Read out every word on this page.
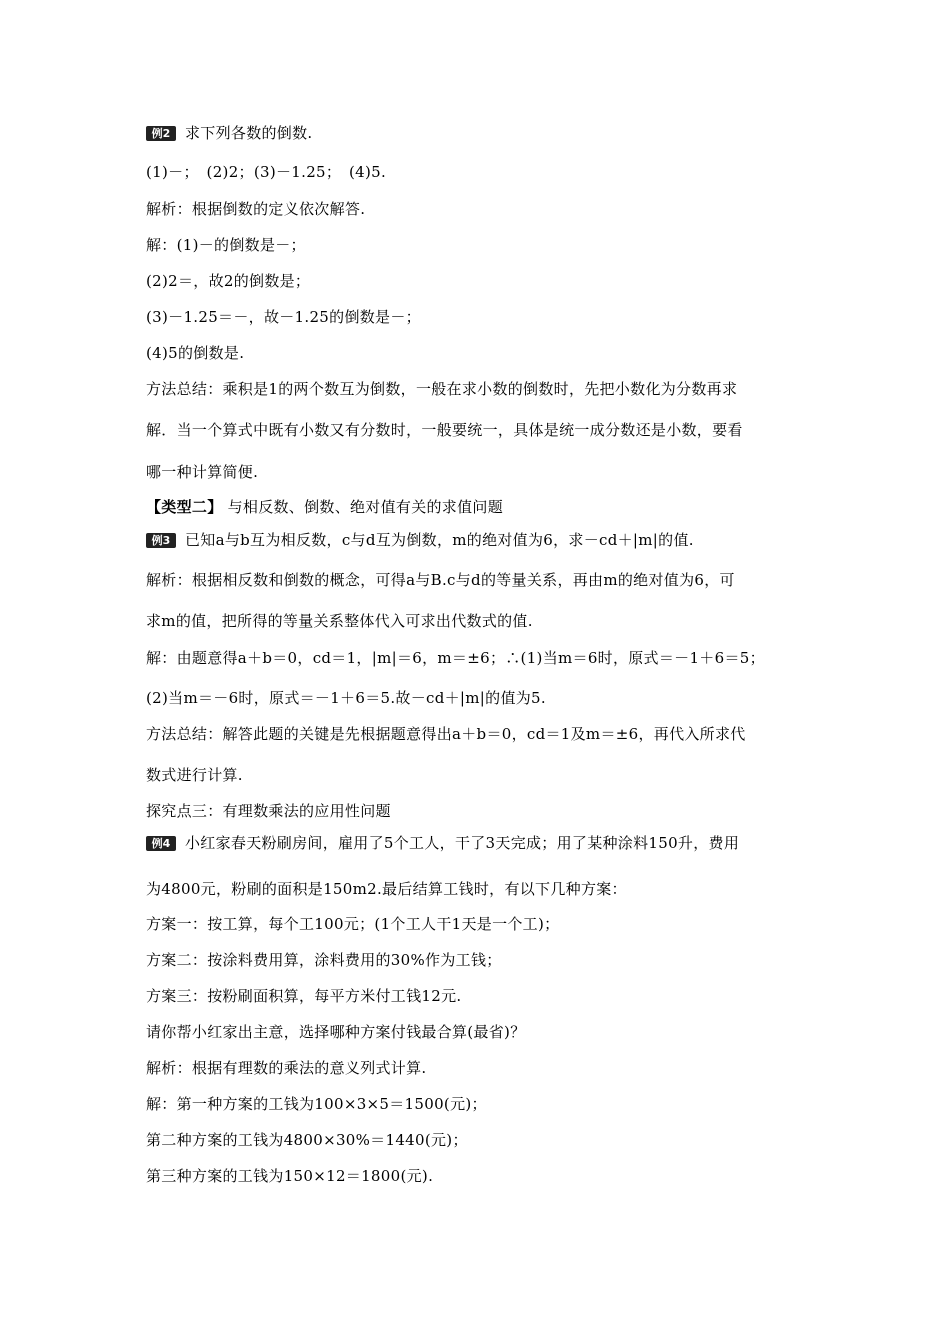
例2 求下列各数的倒数.
(1)－；　(2)2；(3)－1.25；　(4)5.
解析：根据倒数的定义依次解答.
解：(1)－的倒数是－；
(2)2＝，故2的倒数是；
(3)－1.25＝－，故－1.25的倒数是－；
(4)5的倒数是.
方法总结：乘积是1的两个数互为倒数，一般在求小数的倒数时，先把小数化为分数再求
解．当一个算式中既有小数又有分数时，一般要统一，具体是统一成分数还是小数，要看
哪一种计算简便.
【类型二】 与相反数、倒数、绝对值有关的求值问题
例3 已知a与b互为相反数，c与d互为倒数，m的绝对值为6，求－cd＋|m|的值.
解析：根据相反数和倒数的概念，可得a与B.c与d的等量关系，再由m的绝对值为6，可
求m的值，把所得的等量关系整体代入可求出代数式的值.
解：由题意得a＋b＝0，cd＝1，|m|＝6，m＝±6；∴(1)当m＝6时，原式＝－1＋6＝5；
(2)当m＝－6时，原式＝－1＋6＝5.故－cd＋|m|的值为5.
方法总结：解答此题的关键是先根据题意得出a＋b＝0，cd＝1及m＝±6，再代入所求代
数式进行计算.
探究点三：有理数乘法的应用性问题
例4 小红家春天粉刷房间，雇用了5个工人，干了3天完成；用了某种涂料150升，费用
为4800元，粉刷的面积是150m2.最后结算工钱时，有以下几种方案：
方案一：按工算，每个工100元；(1个工人干1天是一个工)；
方案二：按涂料费用算，涂料费用的30%作为工钱；
方案三：按粉刷面积算，每平方米付工钱12元.
请你帮小红家出主意，选择哪种方案付钱最合算(最省)？
解析：根据有理数的乘法的意义列式计算.
解：第一种方案的工钱为100×3×5＝1500(元)；
第二种方案的工钱为4800×30%＝1440(元)；
第三种方案的工钱为150×12＝1800(元).
